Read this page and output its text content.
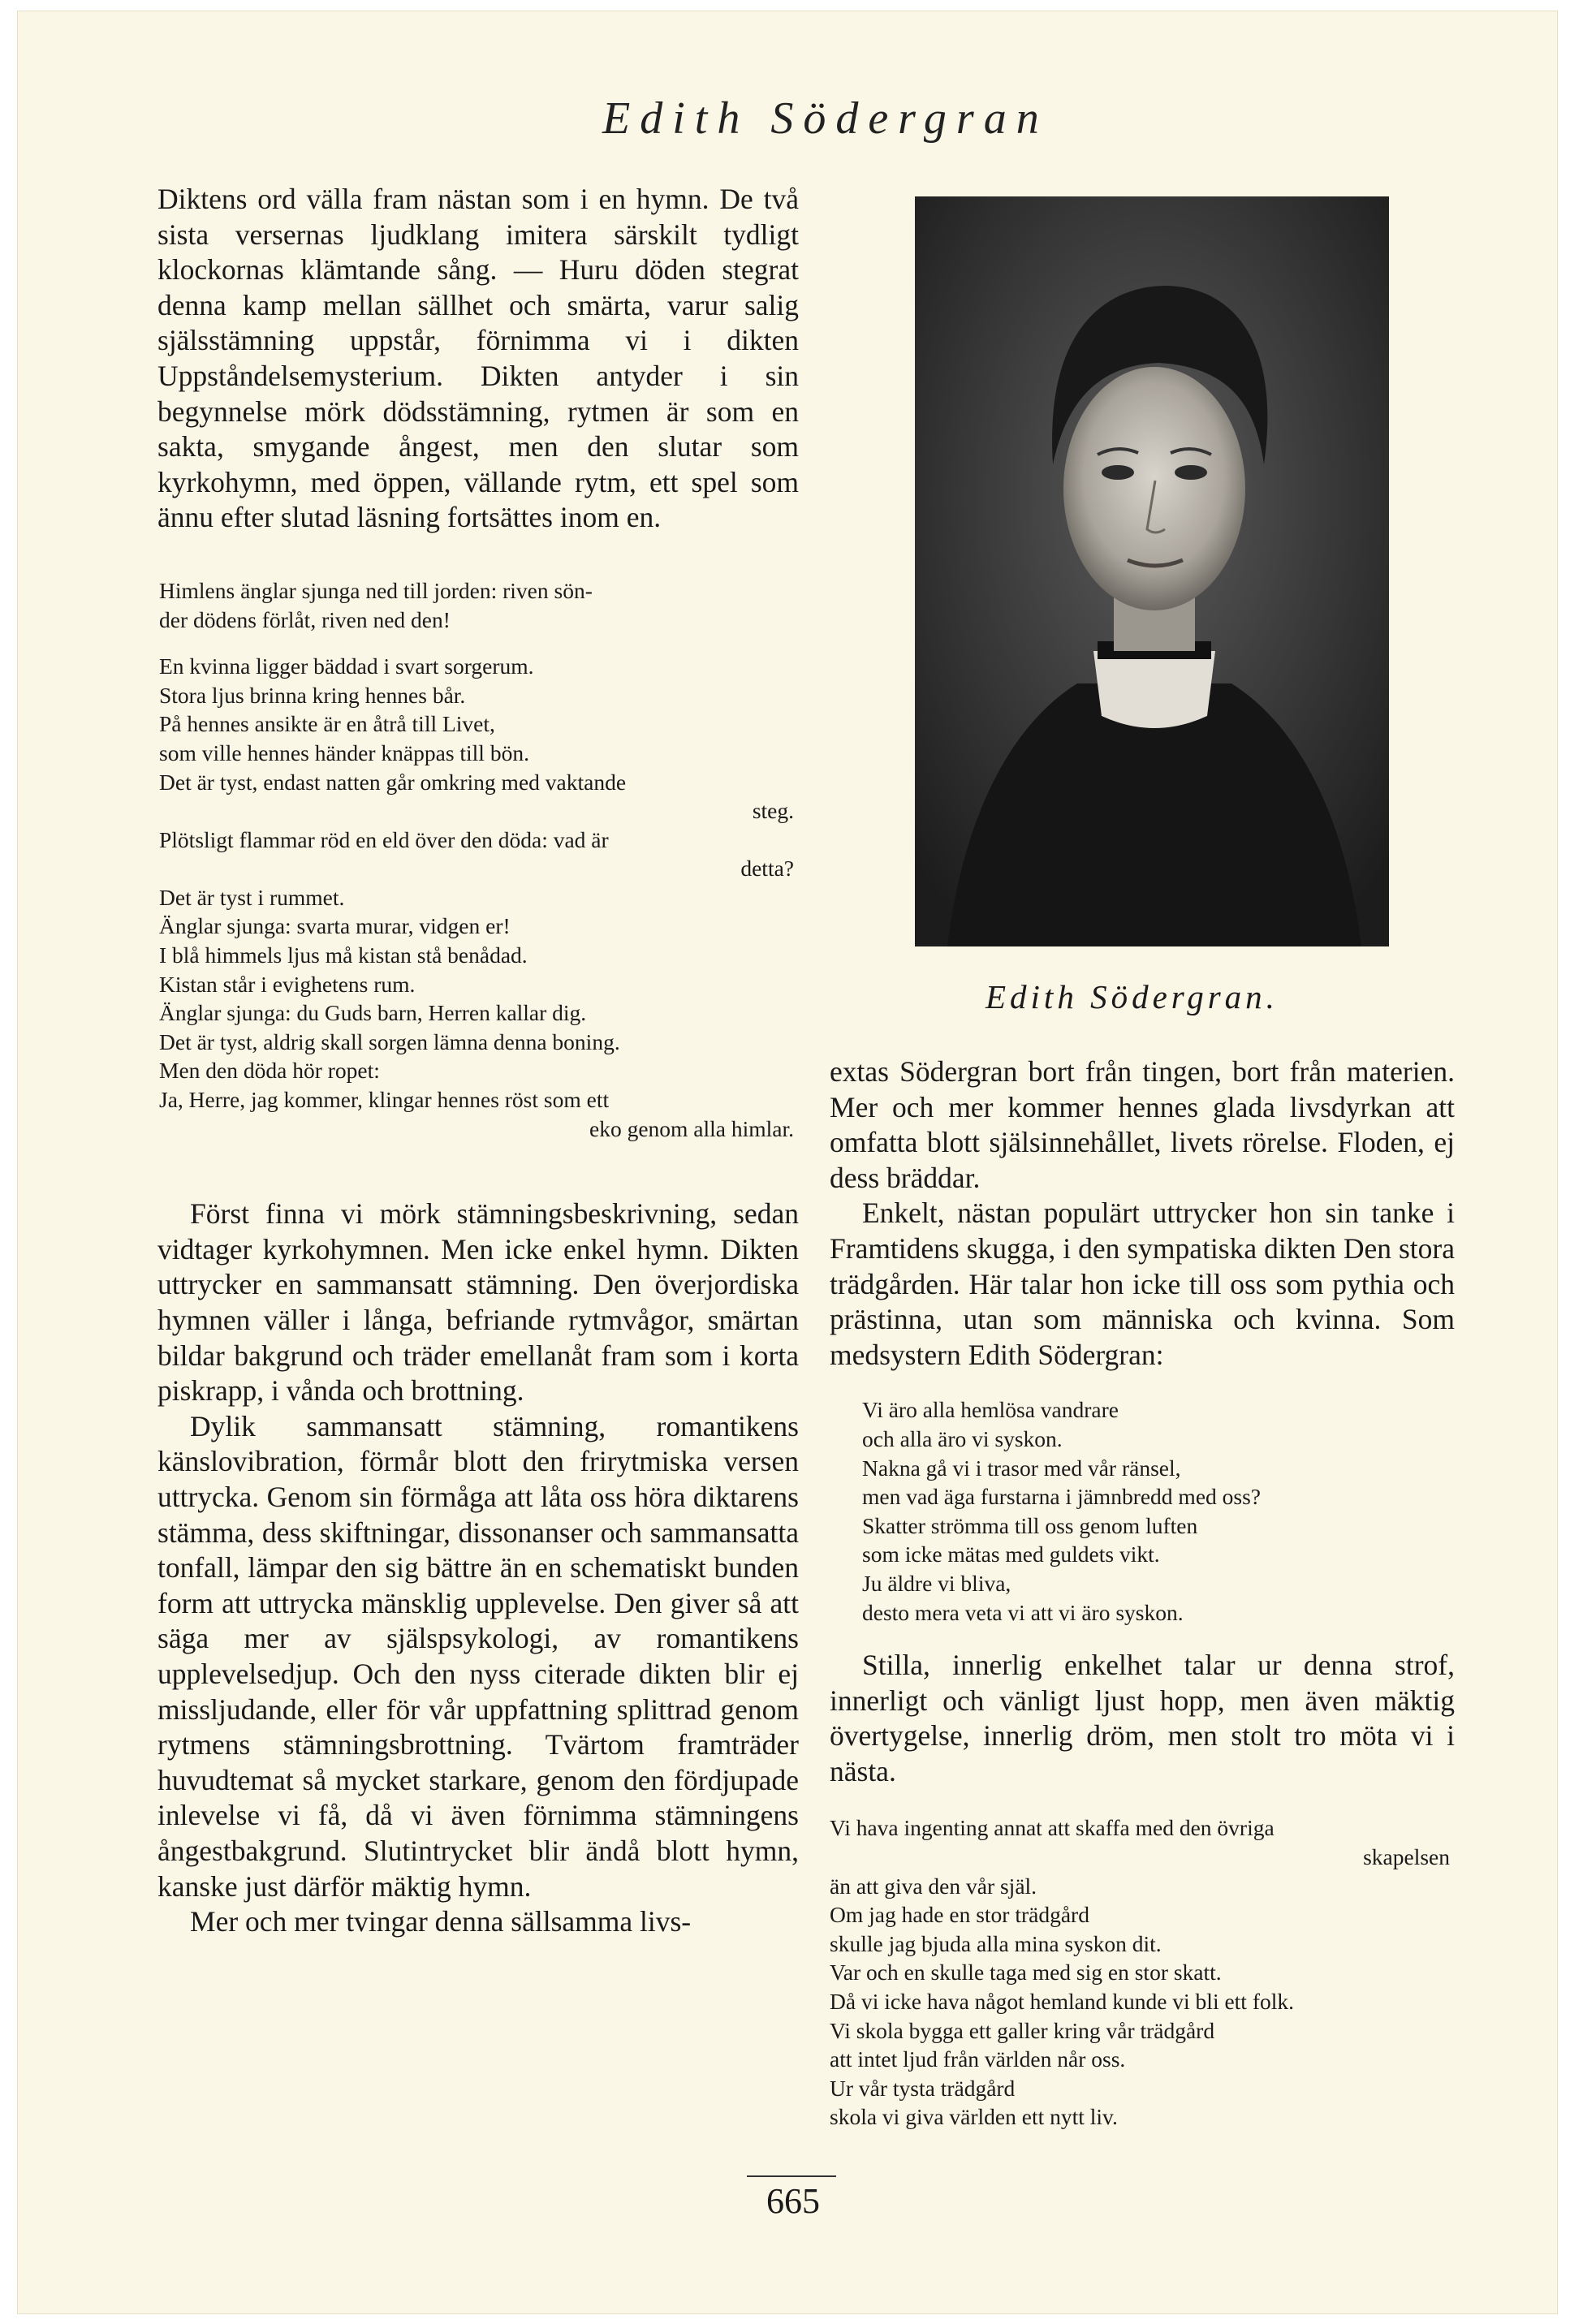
Edith Södergran

Diktens ord välla fram nästan som i en hymn. De två sista versernas ljudklang imitera särskilt tydligt klockornas klämtande sång. — Huru döden stegrat denna kamp mellan sällhet och smärta, varur salig själsstämning uppstår, förnimma vi i dikten Uppståndelsemysterium. Dikten antyder i sin begynnelse mörk dödsstämning, rytmen är som en sakta, smygande ångest, men den slutar som kyrkohymn, med öppen, vällande rytm, ett spel som ännu efter slutad läsning fortsättes inom en.

Himlens änglar sjunga ned till jorden: riven sön-
der dödens förlåt, riven ned den!
En kvinna ligger bäddad i svart sorgerum.
Stora ljus brinna kring hennes bår.
På hennes ansikte är en åtrå till Livet,
som ville hennes händer knäppas till bön.
Det är tyst, endast natten går omkring med vaktande
steg.
Plötsligt flammar röd en eld över den döda: vad är
detta?
Det är tyst i rummet.
Änglar sjunga: svarta murar, vidgen er!
I blå himmels ljus må kistan stå benådad.
Kistan står i evighetens rum.
Änglar sjunga: du Guds barn, Herren kallar dig.
Det är tyst, aldrig skall sorgen lämna denna boning.
Men den döda hör ropet:
Ja, Herre, jag kommer, klingar hennes röst som ett
eko genom alla himlar.

Först finna vi mörk stämningsbeskrivning, sedan vidtager kyrkohymnen. Men icke enkel hymn. Dikten uttrycker en sammansatt stämning. Den överjordiska hymnen väller i långa, befriande rytmvågor, smärtan bildar bakgrund och träder emellanåt fram som i korta piskrapp, i vånda och brottning.

Dylik sammansatt stämning, romantikens känslovibration, förmår blott den frirytmiska versen uttrycka. Genom sin förmåga att låta oss höra diktarens stämma, dess skiftningar, dissonanser och sammansatta tonfall, lämpar den sig bättre än en schematiskt bunden form att uttrycka mänsklig upplevelse. Den giver så att säga mer av själspsykologi, av romantikens upplevelsedjup. Och den nyss citerade dikten blir ej missljudande, eller för vår uppfattning splittrad genom rytmens stämningsbrottning. Tvärtom framträder huvudtemat så mycket starkare, genom den fördjupade inlevelse vi få, då vi även förnimma stämningens ångestbakgrund. Slutintrycket blir ändå blott hymn, kanske just därför mäktig hymn.

Mer och mer tvingar denna sällsamma livs-

Edith Södergran.

extas Södergran bort från tingen, bort från materien. Mer och mer kommer hennes glada livsdyrkan att omfatta blott själsinnehållet, livets rörelse. Floden, ej dess bräddar.

Enkelt, nästan populärt uttrycker hon sin tanke i Framtidens skugga, i den sympatiska dikten Den stora trädgården. Här talar hon icke till oss som pythia och prästinna, utan som människa och kvinna. Som medsystern Edith Södergran:

Vi äro alla hemlösa vandrare
och alla äro vi syskon.
Nakna gå vi i trasor med vår ränsel,
men vad äga furstarna i jämnbredd med oss?
Skatter strömma till oss genom luften
som icke mätas med guldets vikt.
Ju äldre vi bliva,
desto mera veta vi att vi äro syskon.

Stilla, innerlig enkelhet talar ur denna strof, innerligt och vänligt ljust hopp, men även mäktig övertygelse, innerlig dröm, men stolt tro möta vi i nästa.

Vi hava ingenting annat att skaffa med den övriga
skapelsen
än att giva den vår själ.
Om jag hade en stor trädgård
skulle jag bjuda alla mina syskon dit.
Var och en skulle taga med sig en stor skatt.
Då vi icke hava något hemland kunde vi bli ett folk.
Vi skola bygga ett galler kring vår trädgård
att intet ljud från världen når oss.
Ur vår tysta trädgård
skola vi giva världen ett nytt liv.
665
